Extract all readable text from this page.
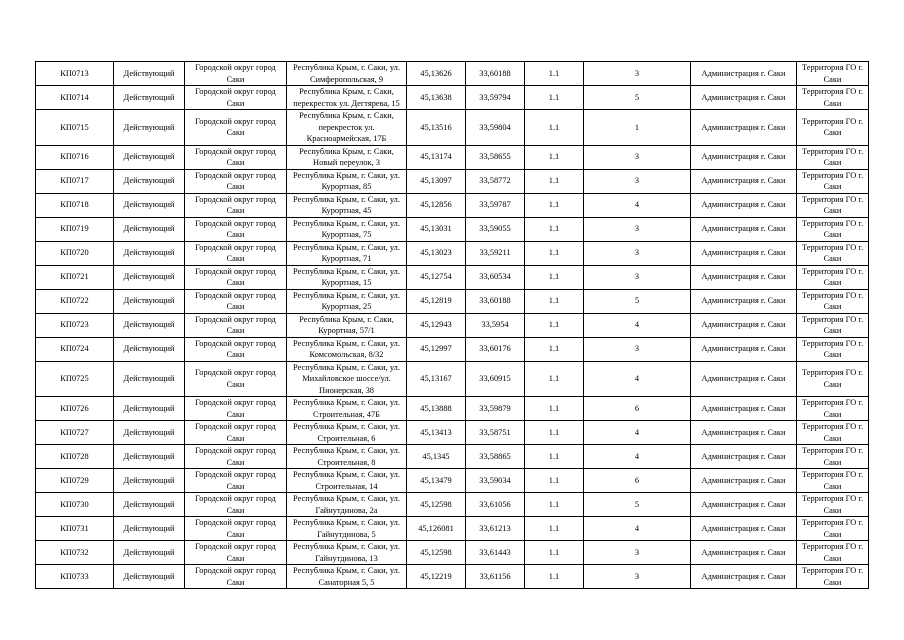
КП0713	Действующий	Городской округ город Саки	Республика Крым, г. Саки, ул. Симферопольская, 9	45,13626	33,60188	1.1	3	Администрация г. Саки	Территория ГО г. Саки
КП0714	Действующий	Городской округ город Саки	Республика Крым, г. Саки, перекресток ул. Дегтярева, 15	45,13638	33,59794	1.1	5	Администрация г. Саки	Территория ГО г. Саки
КП0715	Действующий	Городской округ город Саки	Республика Крым, г. Саки, перекресток ул. Красноармейская, 17Б	45,13516	33,59804	1.1	1	Администрация г. Саки	Территория ГО г. Саки
КП0716	Действующий	Городской округ город Саки	Республика Крым, г. Саки, Новый переулок, 3	45,13174	33,58655	1.1	3	Администрация г. Саки	Территория ГО г. Саки
КП0717	Действующий	Городской округ город Саки	Республика Крым, г. Саки, ул. Курортная, 85	45,13097	33,58772	1.1	3	Администрация г. Саки	Территория ГО г. Саки
КП0718	Действующий	Городской округ город Саки	Республика Крым, г. Саки, ул. Курортная, 45	45,12856	33,59787	1.1	4	Администрация г. Саки	Территория ГО г. Саки
КП0719	Действующий	Городской округ город Саки	Республика Крым, г. Саки, ул. Курортная, 75	45,13031	33,59055	1.1	3	Администрация г. Саки	Территория ГО г. Саки
КП0720	Действующий	Городской округ город Саки	Республика Крым, г. Саки, ул. Курортная, 71	45,13023	33,59211	1.1	3	Администрация г. Саки	Территория ГО г. Саки
КП0721	Действующий	Городской округ город Саки	Республика Крым, г. Саки, ул. Курортная, 15	45,12754	33,60534	1.1	3	Администрация г. Саки	Территория ГО г. Саки
КП0722	Действующий	Городской округ город Саки	Республика Крым, г. Саки, ул. Курортная, 25	45,12819	33,60188	1.1	5	Администрация г. Саки	Территория ГО г. Саки
КП0723	Действующий	Городской округ город Саки	Республика Крым, г. Саки, Курортная, 57/1	45,12943	33,5954	1.1	4	Администрация г. Саки	Территория ГО г. Саки
КП0724	Действующий	Городской округ город Саки	Республика Крым, г. Саки, ул. Комсомольская, 8/32	45,12997	33,60176	1.1	3	Администрация г. Саки	Территория ГО г. Саки
КП0725	Действующий	Городской округ город Саки	Республика Крым, г. Саки, ул. Михайловское шоссе/ул. Пионерская, 38	45,13167	33,60915	1.1	4	Администрация г. Саки	Территория ГО г. Саки
КП0726	Действующий	Городской округ город Саки	Республика Крым, г. Саки, ул. Строительная, 47Б	45,13888	33,59879	1.1	6	Администрация г. Саки	Территория ГО г. Саки
КП0727	Действующий	Городской округ город Саки	Республика Крым, г. Саки, ул. Строительная, 6	45,13413	33,58751	1.1	4	Администрация г. Саки	Территория ГО г. Саки
КП0728	Действующий	Городской округ город Саки	Республика Крым, г. Саки, ул. Строительная, 8	45,1345	33,58865	1.1	4	Администрация г. Саки	Территория ГО г. Саки
КП0729	Действующий	Городской округ город Саки	Республика Крым, г. Саки, ул. Строительная, 14	45,13479	33,59034	1.1	6	Администрация г. Саки	Территория ГО г. Саки
КП0730	Действующий	Городской округ город Саки	Республика Крым, г. Саки, ул. Гайнутдинова, 2а	45,12598	33,61056	1.1	5	Администрация г. Саки	Территория ГО г. Саки
КП0731	Действующий	Городской округ город Саки	Республика Крым, г. Саки, ул. Гайнутдинова, 5	45,126081	33,61213	1.1	4	Администрация г. Саки	Территория ГО г. Саки
КП0732	Действующий	Городской округ город Саки	Республика Крым, г. Саки, ул. Гайнутдинова, 13	45,12598	33,61443	1.1	3	Администрация г. Саки	Территория ГО г. Саки
КП0733	Действующий	Городской округ город Саки	Республика Крым, г. Саки, ул. Санаторная 5, 5	45,12219	33,61156	1.1	3	Администрация г. Саки	Территория ГО г. Саки
